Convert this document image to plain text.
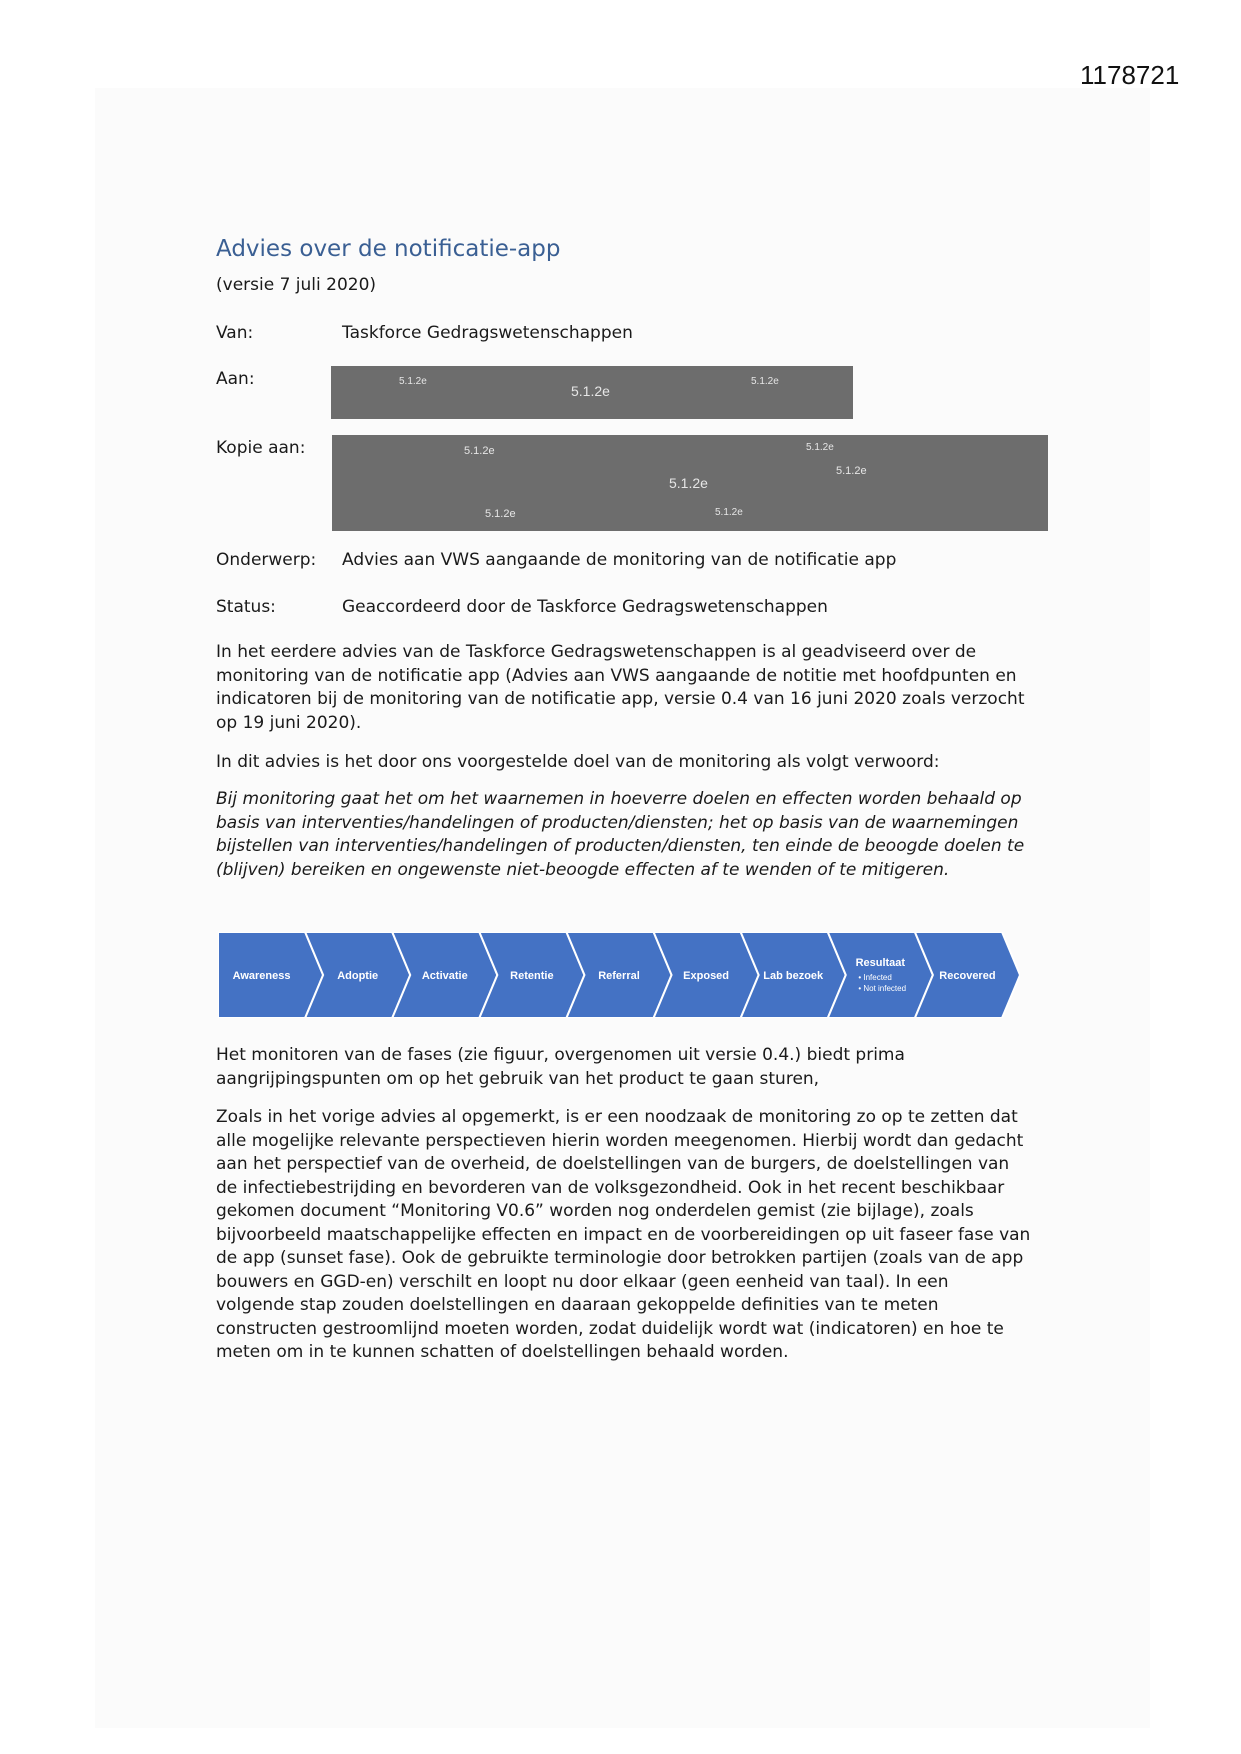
1178721
Advies over de notificatie-app
(versie 7 juli 2020)
Van:	Taskforce Gedragswetenschappen
Aan:	5.1.2e
5.1.2e
5.1.2e
Kopie aan:	5.1.2e	5.1.2e
5.1.2e
5.1.2e
5.1.2e	5.1.2e
Onderwerp: Advies aan VWS aangaande de monitoring van de notificatie app
Status:	Geaccordeerd door de Taskforce Gedragswetenschappen

In het eerdere advies van de Taskforce Gedragswetenschappen is al geadviseerd over de monitoring van de notificatie app (Advies aan VWS aangaande de notitie met hoofdpunten en indicatoren bij de monitoring van de notificatie app, versie 0.4 van 16 juni 2020 zoals verzocht op 19 juni 2020).

In dit advies is het door ons voorgestelde doel van de monitoring als volgt verwoord:

Bij monitoring gaat het om het waarnemen in hoeverre doelen en effecten worden behaald op basis van interventies/handelingen of producten/diensten; het op basis van de waarnemingen bijstellen van interventies/handelingen of producten/diensten, ten einde de beoogde doelen te (blijven) bereiken en ongewenste niet-beoogde effecten af te wenden of te mitigeren.

Awareness	Adoptie	Activatie	Retentie	Referral	Exposed	Lab bezoek
Resultaat
• Infected
• Not infected
Recovered

Het monitoren van de fases (zie figuur, overgenomen uit versie 0.4.) biedt prima aangrijpingspunten om op het gebruik van het product te gaan sturen,

Zoals in het vorige advies al opgemerkt, is er een noodzaak de monitoring zo op te zetten dat alle mogelijke relevante perspectieven hierin worden meegenomen. Hierbij wordt dan gedacht aan het perspectief van de overheid, de doelstellingen van de burgers, de doelstellingen van de infectiebestrijding en bevorderen van de volksgezondheid. Ook in het recent beschikbaar gekomen document “Monitoring V0.6” worden nog onderdelen gemist (zie bijlage), zoals bijvoorbeeld maatschappelijke effecten en impact en de voorbereidingen op uit faseer fase van de app (sunset fase). Ook de gebruikte terminologie door betrokken partijen (zoals van de app bouwers en GGD-en) verschilt en loopt nu door elkaar (geen eenheid van taal). In een volgende stap zouden doelstellingen en daaraan gekoppelde definities van te meten constructen gestroomlijnd moeten worden, zodat duidelijk wordt wat (indicatoren) en hoe te meten om in te kunnen schatten of doelstellingen behaald worden.
